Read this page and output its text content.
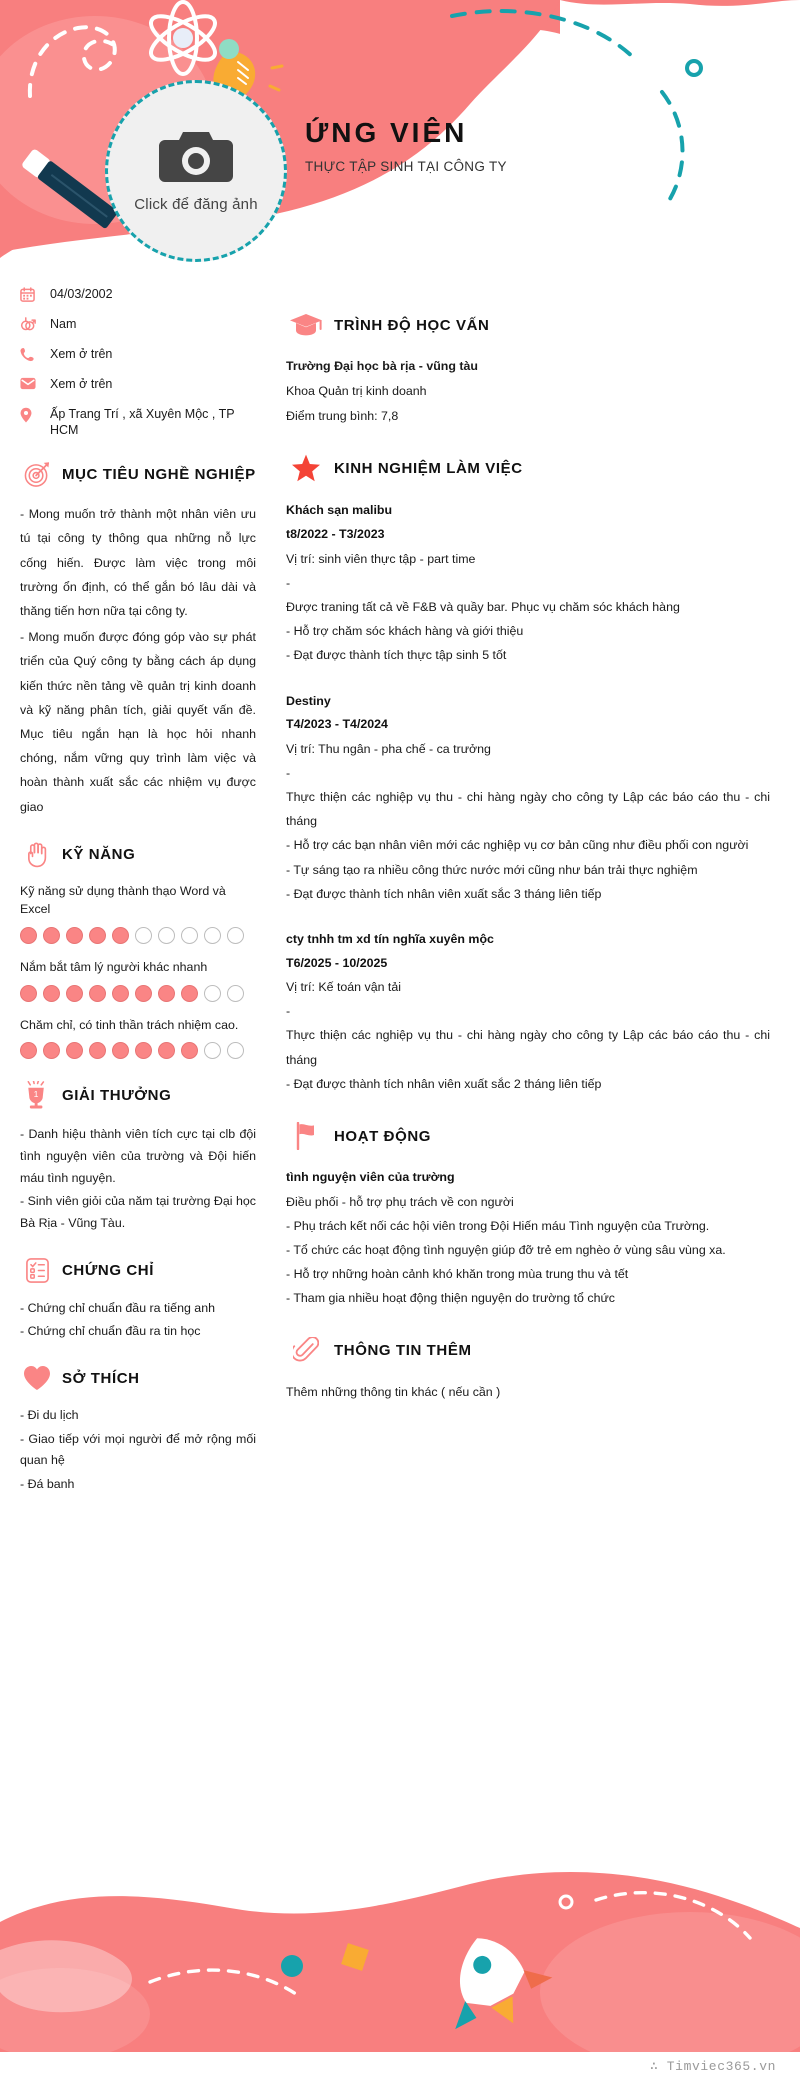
Click để đăng ảnh
ỨNG VIÊN
THỰC TẬP SINH TẠI CÔNG TY
04/03/2002
Nam
Xem ở trên
Xem ở trên
Ấp Trang Trí , xã Xuyên Mộc , TP HCM
MỤC TIÊU NGHỀ NGHIỆP

- Mong muốn trở thành một nhân viên ưu tú tại công ty thông qua những nỗ lực cống hiến. Được làm việc trong môi trường ổn định, có thể gắn bó lâu dài và thăng tiến hơn nữa tại công ty.

- Mong muốn được đóng góp vào sự phát triển của Quý công ty bằng cách áp dụng kiến thức nền tảng về quản trị kinh doanh và kỹ năng phân tích, giải quyết vấn đề. Mục tiêu ngắn hạn là học hỏi nhanh chóng, nắm vững quy trình làm việc và hoàn thành xuất sắc các nhiệm vụ được giao

KỸ NĂNG
Kỹ năng sử dụng thành thạo Word và Excel
Nắm bắt tâm lý người khác nhanh
Chăm chỉ, có tinh thần trách nhiệm cao.
1 GIẢI THƯỞNG

- Danh hiệu thành viên tích cực tại clb đội tình nguyện viên của trường và Đội hiến máu tình nguyện.

- Sinh viên giỏi của năm tại trường Đại học Bà Rịa - Vũng Tàu.

CHỨNG CHỈ

- Chứng chỉ chuẩn đầu ra tiếng anh

- Chứng chỉ chuẩn đầu ra tin học

SỞ THÍCH

- Đi du lịch

- Giao tiếp với mọi người để mở rộng mối quan hệ

- Đá banh

TRÌNH ĐỘ HỌC VẤN
Trường Đại học bà rịa - vũng tàu
Khoa Quản trị kinh doanh
Điểm trung bình: 7,8
KINH NGHIỆM LÀM VIỆC
Khách sạn malibu
t8/2022 - T3/2023
Vị trí: sinh viên thực tập - part time
-
Được traning tất cả về F&B và quầy bar. Phục vụ chăm sóc khách hàng
- Hỗ trợ chăm sóc khách hàng và giới thiệu
- Đạt được thành tích thực tập sinh 5 tốt
Destiny
T4/2023 - T4/2024
Vị trí: Thu ngân - pha chế - ca trưởng
-
Thực thiện các nghiệp vụ thu - chi hàng ngày cho công ty Lập các báo cáo thu - chi tháng
- Hỗ trợ các bạn nhân viên mới các nghiệp vụ cơ bản cũng như điều phối con người
- Tự sáng tạo ra nhiều công thức nước mới cũng như bán trải thực nghiệm
- Đạt được thành tích nhân viên xuất sắc 3 tháng liên tiếp
cty tnhh tm xd tín nghĩa xuyên mộc
T6/2025 - 10/2025
Vị trí: Kế toán vận tải
-
Thực thiện các nghiệp vụ thu - chi hàng ngày cho công ty Lập các báo cáo thu - chi tháng
- Đạt được thành tích nhân viên xuất sắc 2 tháng liên tiếp
HOẠT ĐỘNG
tình nguyện viên của trường
Điều phối - hỗ trợ phụ trách về con người
- Phụ trách kết nối các hội viên trong Đội Hiến máu Tình nguyện của Trường.
- Tổ chức các hoạt động tình nguyện giúp đỡ trẻ em nghèo ở vùng sâu vùng xa.
- Hỗ trợ những hoàn cảnh khó khăn trong mùa trung thu và tết
- Tham gia nhiều hoạt động thiện nguyện do trường tổ chức
THÔNG TIN THÊM
Thêm những thông tin khác ( nếu cần )
∴ Timviec365.vn
